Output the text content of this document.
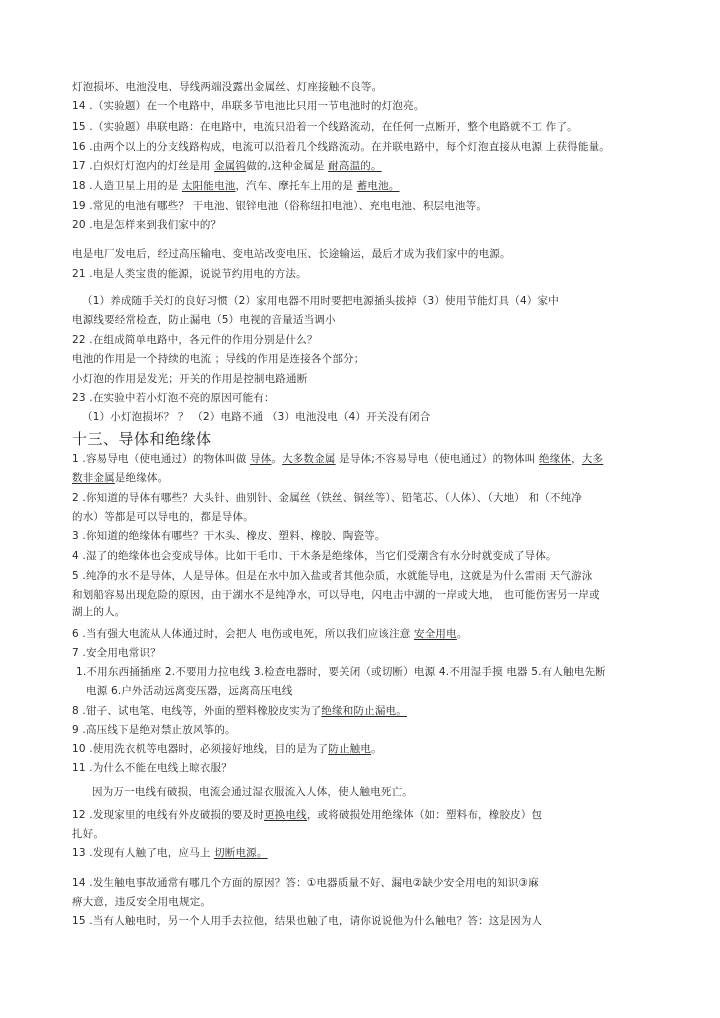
灯泡损坏、电池没电、导线两端没露出金属丝、灯座接触不良等。
14 .（实验题）在一个电路中，串联多节电池比只用一节电池时的灯泡亮。
15 .（实验题）串联电路：在电路中，电流只沿着一个线路流动，在任何一点断开，整个电路就不工 作了。
16 .由两个以上的分支线路构成，电流可以沿着几个线路流动。在并联电路中，每个灯泡直接从电源 上获得能量。
17 .白炽灯灯泡内的灯丝是用 金属钨做的,这种金属是 耐高温的。
18 .人造卫星上用的是 太阳能电池，汽车、摩托车上用的是 蓄电池。
19 .常见的电池有哪些？ 干电池、银锌电池（俗称纽扣电池）、充电电池、积层电池等。
20 .电是怎样来到我们家中的？
电是电厂发电后，经过高压输电、变电站改变电压、长途输运，最后才成为我们家中的电源。
21 .电是人类宝贵的能源，说说节约用电的方法。
（1）养成随手关灯的良好习惯（2）家用电器不用时要把电源插头拔掉（3）使用节能灯具（4）家中
电源线要经常检查，防止漏电（5）电视的音量适当调小
22 .在组成简单电路中，各元件的作用分别是什么？
电池的作用是一个持续的电流 ；导线的作用是连接各个部分；
小灯泡的作用是发光；开关的作用是控制电路通断
23 .在实验中若小灯泡不亮的原因可能有：
（1）小灯泡损坏？ ？ （2）电路不通 （3）电池没电（4）开关没有闭合
十三、导体和绝缘体
1 .容易导电（使电通过）的物体叫做 导体。大多数金属 是导体;不容易导电（使电通过）的物体叫 绝缘体，大多
数非金属是绝缘体。
2 .你知道的导体有哪些？大头针、曲别针、金属丝（铁丝、铜丝等）、铅笔芯、（人体）、（大地） 和（不纯净
的水）等都是可以导电的，都是导体。
3 .你知道的绝缘体有哪些？干木头、橡皮、塑料、橡胶、陶瓷等。
4 .湿了的绝缘体也会变成导体。比如干毛巾、干木条是绝缘体，当它们受潮含有水分时就变成了导体。
5 .纯净的水不是导体，人是导体。但是在水中加入盐或者其他杂质，水就能导电，这就是为什么雷雨 天气游泳
和划船容易出现危险的原因，由于湖水不是纯净水，可以导电，闪电击中湖的一岸或大地， 也可能伤害另一岸或
湖上的人。
6 .当有强大电流从人体通过时，会把人 电伤或电死，所以我们应该注意 安全用电。
7 .安全用电常识？
1.不用东西捅插座 2.不要用力拉电线 3.检查电器时，要关闭（或切断）电源 4.不用湿手摸 电器 5.有人触电先断
电源 6.户外活动远离变压器，远离高压电线
8 .钳子、试电笔、电线等，外面的塑料橡胶皮实为了绝缘和防止漏电。
9 .高压线下是绝对禁止放风筝的。
10 .使用洗衣机等电器时，必须接好地线，目的是为了防止触电。
11 .为什么不能在电线上晾衣服？
因为万一电线有破损，电流会通过湿衣服流入人体，使人触电死亡。
12 .发现家里的电线有外皮破损的要及时更换电线，或将破损处用绝缘体（如：塑料布，橡胶皮）包
扎好。
13 .发现有人触了电，应马上 切断电源。
14 .发生触电事故通常有哪几个方面的原因？答：①电器质量不好、漏电②缺少安全用电的知识③麻
痹大意，违反安全用电规定。
15 .当有人触电时，另一个人用手去拉他，结果也触了电，请你说说他为什么触电？答：这是因为人
